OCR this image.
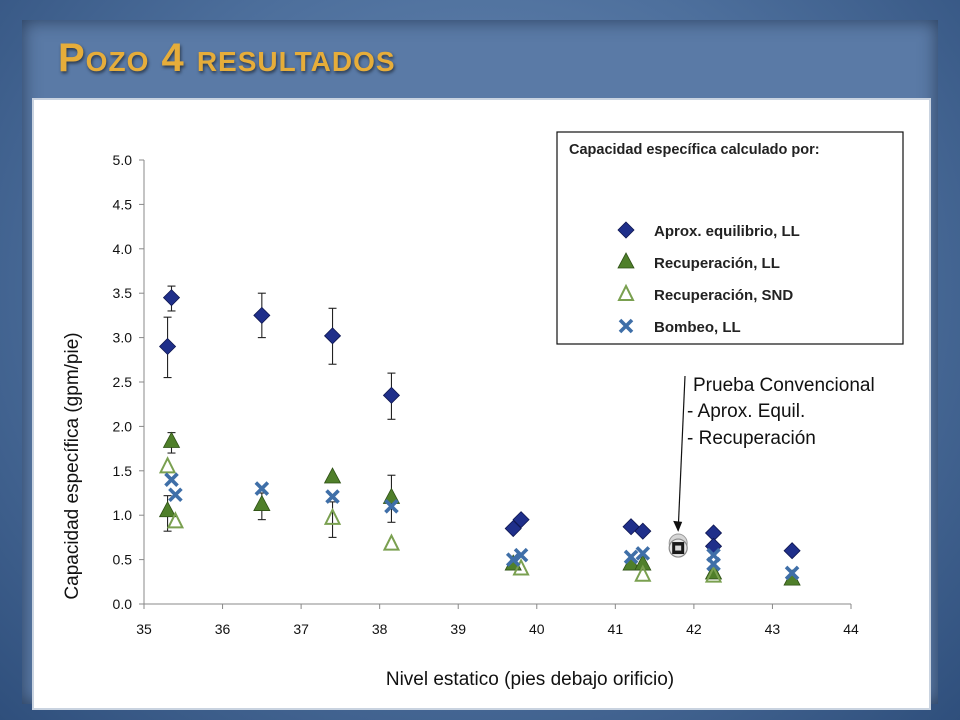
Pozo 4 resultados
0.0
0.5
1.0
1.5
2.0
2.5
3.0
3.5
4.0
4.5
5.0
35	36	37	38	39	40	41	42	43	44
Capacidad específica (gpm/pie)
Nivel estatico (pies debajo orificio)
Capacidad específica calculado por:
Aprox. equilibrio, LL
Recuperación, LL
Recuperación, SND
Bombeo, LL
Prueba Convencional
- Aprox. Equil.
- Recuperación
